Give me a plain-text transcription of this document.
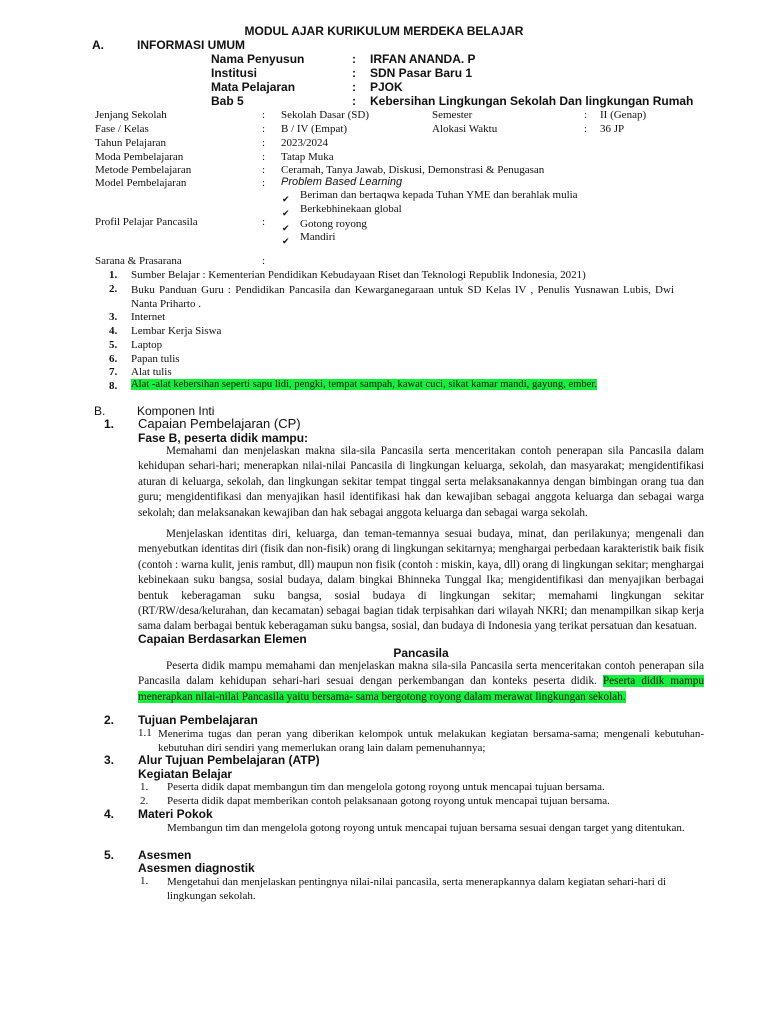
MODUL AJAR KURIKULUM MERDEKA BELAJAR
A.	INFORMASI UMUM
Nama Penyusun	: IRFAN ANANDA. P
Institusi	: SDN Pasar Baru 1
Mata Pelajaran	: PJOK
Bab 5	: Kebersihan Lingkungan Sekolah Dan lingkungan Rumah
Jenjang Sekolah	: Sekolah Dasar (SD)	Semester	: II (Genap)
Fase / Kelas	: B / IV (Empat)	Alokasi Waktu	: 36 JP
Tahun Pelajaran	: 2023/2024
Moda Pembelajaran	: Tatap Muka
Metode Pembelajaran	: Ceramah, Tanya Jawab, Diskusi, Demonstrasi & Penugasan
Model Pembelajaran	: Problem Based Learning
✔
Beriman dan bertaqwa kepada Tuhan YME dan berahlak mulia
✔
Berkebhinekaan global
Profil Pelajar Pancasila	:
✔	Gotong royong
✔
Mandiri
Sarana & Prasarana	:
1. Sumber Belajar : Kementerian Pendidikan Kebudayaan Riset dan Teknologi Republik Indonesia, 2021)
2. Buku Panduan Guru : Pendidikan Pancasila dan Kewarganegaraan untuk SD Kelas IV , Penulis Yusnawan Lubis, Dwi Nanta Priharto .
3. Internet
4. Lembar Kerja Siswa
5. Laptop
6. Papan tulis
7. Alat tulis
8. Alat -alat kebersihan seperti sapu lidi, pengki, tempat sampah, kawat cuci, sikat kamar mandi, gayung, ember.
B.	Komponen Inti
1. Capaian Pembelajaran (CP)
Fase B, peserta didik mampu:
Memahami dan menjelaskan makna sila-sila Pancasila serta menceritakan contoh penerapan sila Pancasila dalam kehidupan sehari-hari; menerapkan nilai-nilai Pancasila di lingkungan keluarga, sekolah, dan masyarakat; mengidentifikasi aturan di keluarga, sekolah, dan lingkungan sekitar tempat tinggal serta melaksanakannya dengan bimbingan orang tua dan guru; mengidentifikasi dan menyajikan hasil identifikasi hak dan kewajiban sebagai anggota keluarga dan sebagai warga sekolah; dan melaksanakan kewajiban dan hak sebagai anggota keluarga dan sebagai warga sekolah.
Menjelaskan identitas diri, keluarga, dan teman-temannya sesuai budaya, minat, dan perilakunya; mengenali dan menyebutkan identitas diri (fisik dan non-fisik) orang di lingkungan sekitarnya; menghargai perbedaan karakteristik baik fisik (contoh : warna kulit, jenis rambut, dll) maupun non fisik (contoh : miskin, kaya, dll) orang di lingkungan sekitar; menghargai kebinekaan suku bangsa, sosial budaya, dalam bingkai Bhinneka Tunggal Ika; mengidentifikasi dan menyajikan berbagai bentuk keberagaman suku bangsa, sosial budaya di lingkungan sekitar; memahami lingkungan sekitar (RT/RW/desa/kelurahan, dan kecamatan) sebagai bagian tidak terpisahkan dari wilayah NKRI; dan menampilkan sikap kerja sama dalam berbagai bentuk keberagaman suku bangsa, sosial, dan budaya di Indonesia yang terikat persatuan dan kesatuan.
Capaian Berdasarkan Elemen
Pancasila
Peserta didik mampu memahami dan menjelaskan makna sila-sila Pancasila serta menceritakan contoh penerapan sila Pancasila dalam kehidupan sehari-hari sesuai dengan perkembangan dan konteks peserta didik. Peserta didik mampu menerapkan nilai-nilai Pancasila yaitu bersama- sama bergotong royong dalam merawat lingkungan sekolah.
2. Tujuan Pembelajaran
1.1 Menerima tugas dan peran yang diberikan kelompok untuk melakukan kegiatan bersama-sama; mengenali kebutuhan-kebutuhan diri sendiri yang memerlukan orang lain dalam pemenuhannya;
3. Alur Tujuan Pembelajaran (ATP)
Kegiatan Belajar
1. Peserta didik dapat membangun tim dan mengelola gotong royong untuk mencapai tujuan bersama.
2. Peserta didik dapat memberikan contoh pelaksanaan gotong royong untuk mencapai tujuan bersama.
4. Materi Pokok
Membangun tim dan mengelola gotong royong untuk mencapai tujuan bersama sesuai dengan target yang ditentukan.
5. Asesmen
Asesmen diagnostik
1. Mengetahui dan menjelaskan pentingnya nilai-nilai pancasila, serta menerapkannya dalam kegiatan sehari-hari di lingkungan sekolah.
